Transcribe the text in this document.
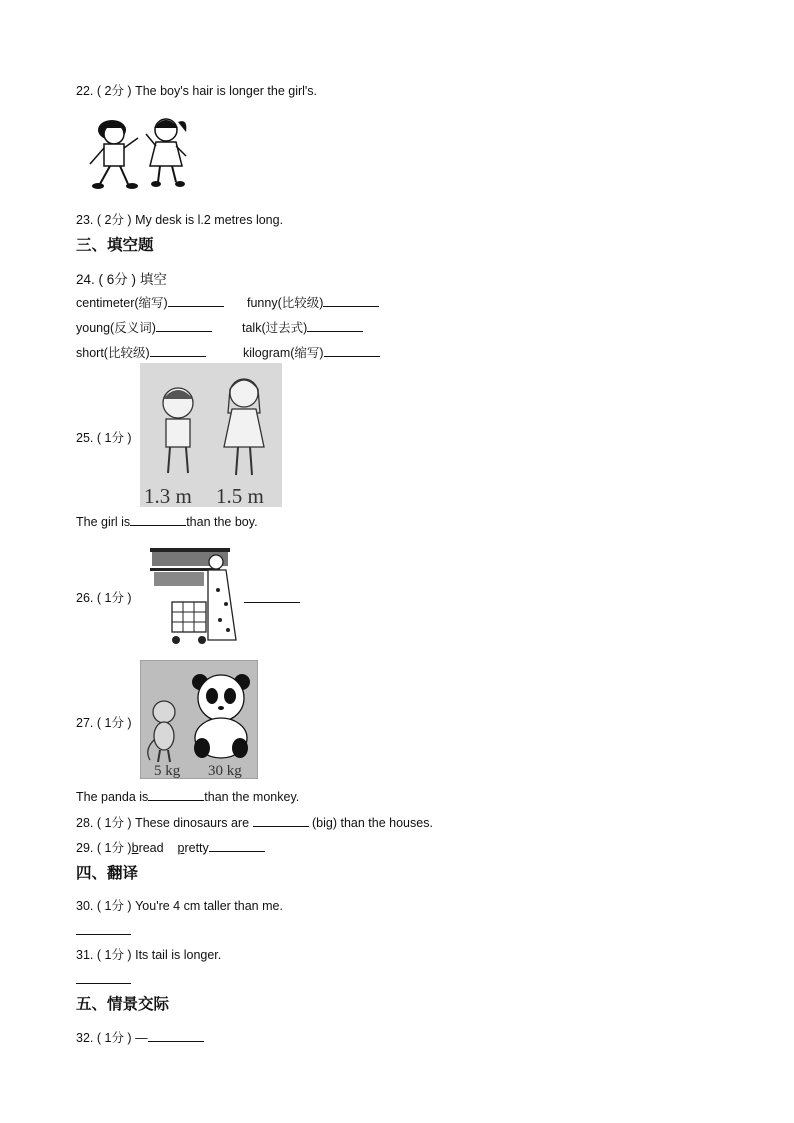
22. ( 2分 ) The boy's hair is longer the girl's.
23. ( 2分 ) My desk is l.2 metres long.
三、填空题
24. ( 6分 ) 填空
centimeter(缩写)	funny(比较级)
young(反义词)	talk(过去式)
short(比较级)	kilogram(缩写)
25. ( 1分 )
1.3 m 1.5 m
The girl is	than the boy.
26. ( 1分 )
27. ( 1分 )
5 kg 30 kg
The panda is	than the monkey.
28. ( 1分 ) These dinosaurs are	(big) than the houses.
29. ( 1分 )bread pretty
四、翻译
30. ( 1分 ) You're 4 cm taller than me.
31. ( 1分 ) Its tail is longer.
五、情景交际
32. ( 1分 ) —
